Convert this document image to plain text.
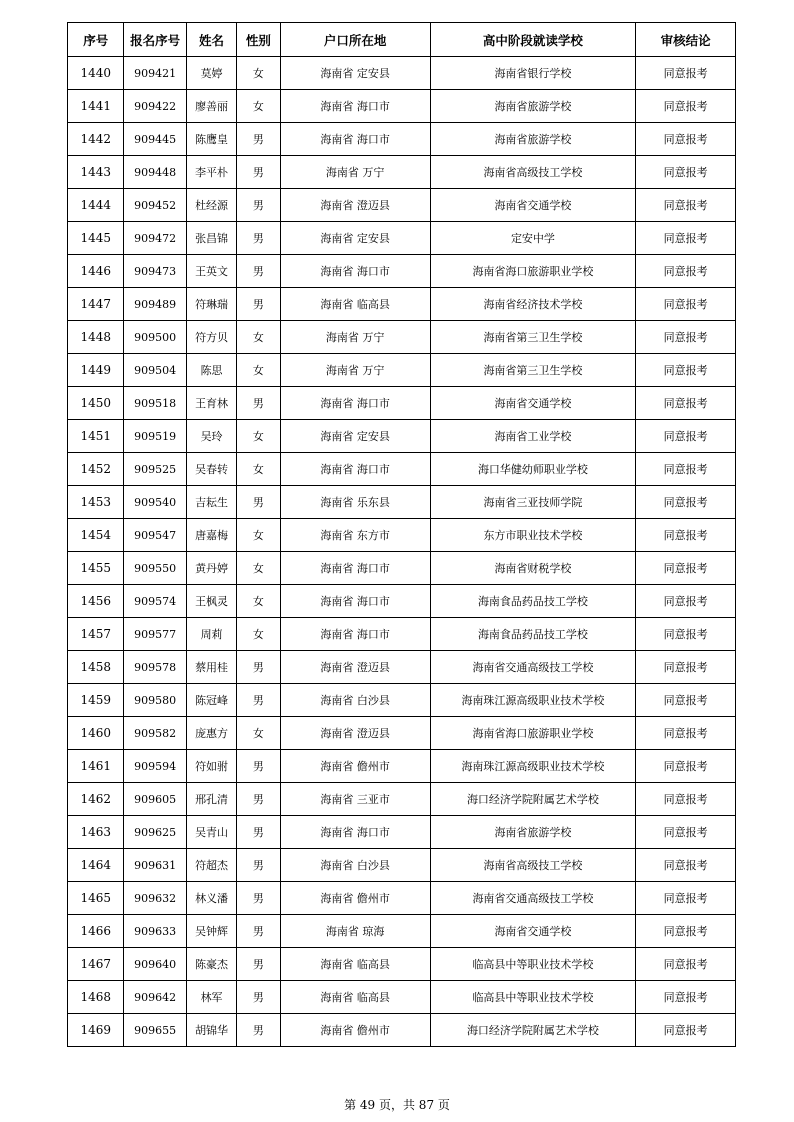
序号	报名序号	姓名	性别	户口所在地	高中阶段就读学校	审核结论
1440	909421	莫婷	女	海南省 定安县	海南省银行学校	同意报考
1441	909422	廖善丽	女	海南省 海口市	海南省旅游学校	同意报考
1442	909445	陈鹰皇	男	海南省 海口市	海南省旅游学校	同意报考
1443	909448	李平朴	男	海南省 万宁	海南省高级技工学校	同意报考
1444	909452	杜经源	男	海南省 澄迈县	海南省交通学校	同意报考
1445	909472	张昌锦	男	海南省 定安县	定安中学	同意报考
1446	909473	王英文	男	海南省 海口市	海南省海口旅游职业学校	同意报考
1447	909489	符琳瑞	男	海南省 临高县	海南省经济技术学校	同意报考
1448	909500	符方贝	女	海南省 万宁	海南省第三卫生学校	同意报考
1449	909504	陈思	女	海南省 万宁	海南省第三卫生学校	同意报考
1450	909518	王育林	男	海南省 海口市	海南省交通学校	同意报考
1451	909519	吴玲	女	海南省 定安县	海南省工业学校	同意报考
1452	909525	吴春转	女	海南省 海口市	海口华健幼师职业学校	同意报考
1453	909540	吉耘生	男	海南省 乐东县	海南省三亚技师学院	同意报考
1454	909547	唐嘉梅	女	海南省 东方市	东方市职业技术学校	同意报考
1455	909550	黄丹婷	女	海南省 海口市	海南省财税学校	同意报考
1456	909574	王枫灵	女	海南省 海口市	海南食品药品技工学校	同意报考
1457	909577	周莉	女	海南省 海口市	海南食品药品技工学校	同意报考
1458	909578	蔡用桂	男	海南省 澄迈县	海南省交通高级技工学校	同意报考
1459	909580	陈冠峰	男	海南省 白沙县	海南珠江源高级职业技术学校	同意报考
1460	909582	庞惠方	女	海南省 澄迈县	海南省海口旅游职业学校	同意报考
1461	909594	符如驸	男	海南省 儋州市	海南珠江源高级职业技术学校	同意报考
1462	909605	邢孔清	男	海南省 三亚市	海口经济学院附属艺术学校	同意报考
1463	909625	吴青山	男	海南省 海口市	海南省旅游学校	同意报考
1464	909631	符超杰	男	海南省 白沙县	海南省高级技工学校	同意报考
1465	909632	林义潘	男	海南省 儋州市	海南省交通高级技工学校	同意报考
1466	909633	吴钟辉	男	海南省 琼海	海南省交通学校	同意报考
1467	909640	陈豪杰	男	海南省 临高县	临高县中等职业技术学校	同意报考
1468	909642	林军	男	海南省 临高县	临高县中等职业技术学校	同意报考
1469	909655	胡锦华	男	海南省 儋州市	海口经济学院附属艺术学校	同意报考
第 49 页，共 87 页
